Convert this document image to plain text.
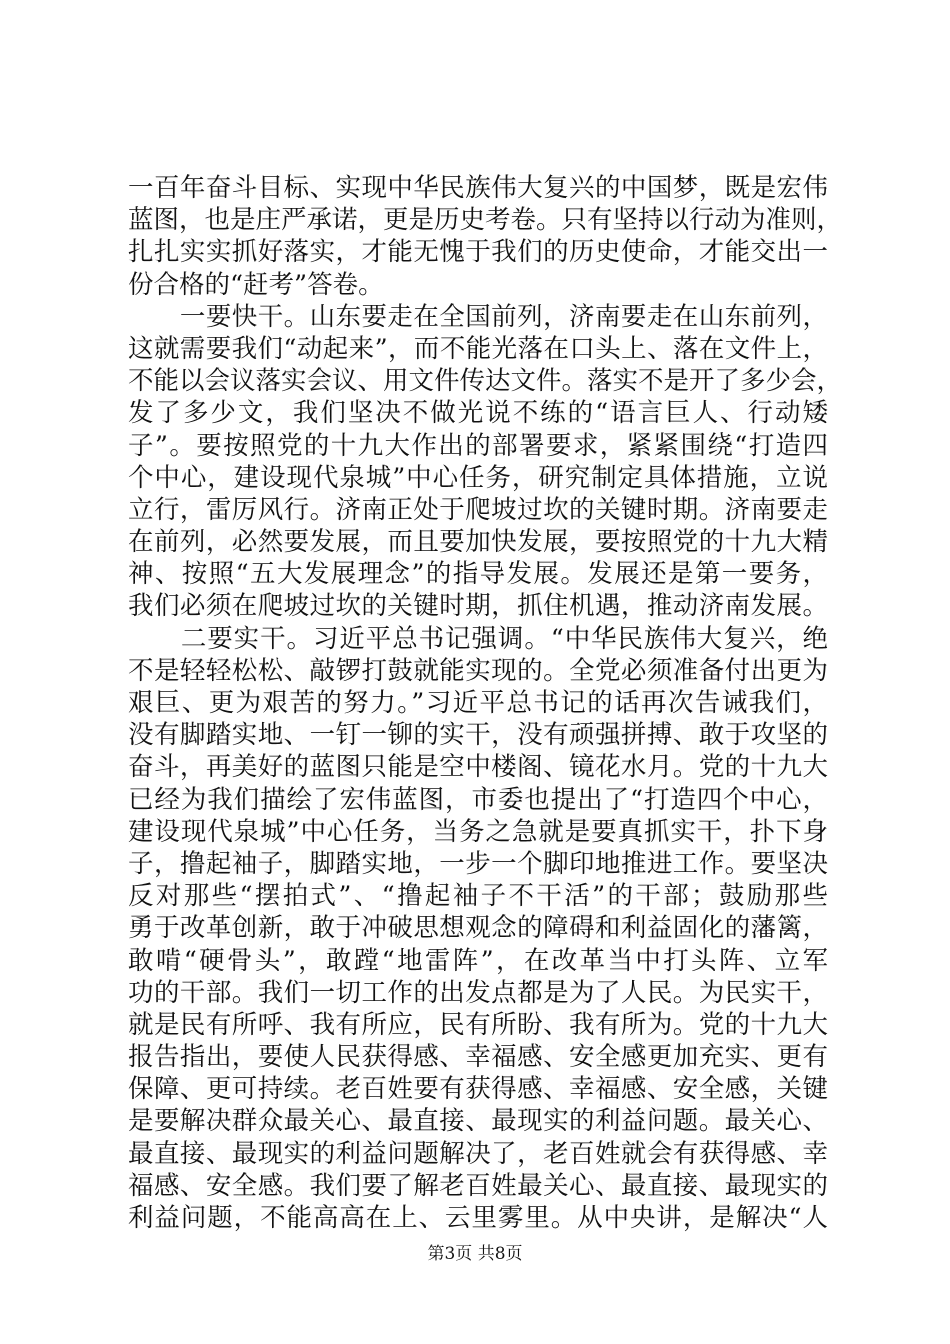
一百年奋斗目标、实现中华民族伟大复兴的中国梦，既是宏伟
蓝图，也是庄严承诺，更是历史考卷。只有坚持以行动为准则，
扎扎实实抓好落实，才能无愧于我们的历史使命，才能交出一
份合格的“赶考”答卷。
　　一要快干。山东要走在全国前列，济南要走在山东前列，
这就需要我们“动起来”，而不能光落在口头上、落在文件上，
不能以会议落实会议、用文件传达文件。落实不是开了多少会，
发了多少文，我们坚决不做光说不练的“语言巨人、行动矮
子”。要按照党的十九大作出的部署要求，紧紧围绕“打造四
个中心，建设现代泉城”中心任务，研究制定具体措施，立说
立行，雷厉风行。济南正处于爬坡过坎的关键时期。济南要走
在前列，必然要发展，而且要加快发展，要按照党的十九大精
神、按照“五大发展理念”的指导发展。发展还是第一要务，
我们必须在爬坡过坎的关键时期，抓住机遇，推动济南发展。
　　二要实干。习近平总书记强调。“中华民族伟大复兴，绝
不是轻轻松松、敲锣打鼓就能实现的。全党必须准备付出更为
艰巨、更为艰苦的努力。”习近平总书记的话再次告诫我们，
没有脚踏实地、一钉一铆的实干，没有顽强拼搏、敢于攻坚的
奋斗，再美好的蓝图只能是空中楼阁、镜花水月。党的十九大
已经为我们描绘了宏伟蓝图，市委也提出了“打造四个中心，
建设现代泉城”中心任务，当务之急就是要真抓实干，扑下身
子，撸起袖子，脚踏实地，一步一个脚印地推进工作。要坚决
反对那些“摆拍式”、“撸起袖子不干活”的干部；鼓励那些
勇于改革创新，敢于冲破思想观念的障碍和利益固化的藩篱，
敢啃“硬骨头”，敢蹚“地雷阵”，在改革当中打头阵、立军
功的干部。我们一切工作的出发点都是为了人民。为民实干，
就是民有所呼、我有所应，民有所盼、我有所为。党的十九大
报告指出，要使人民获得感、幸福感、安全感更加充实、更有
保障、更可持续。老百姓要有获得感、幸福感、安全感，关键
是要解决群众最关心、最直接、最现实的利益问题。最关心、
最直接、最现实的利益问题解决了，老百姓就会有获得感、幸
福感、安全感。我们要了解老百姓最关心、最直接、最现实的
利益问题，不能高高在上、云里雾里。从中央讲，是解决“人
第3页 共8页
